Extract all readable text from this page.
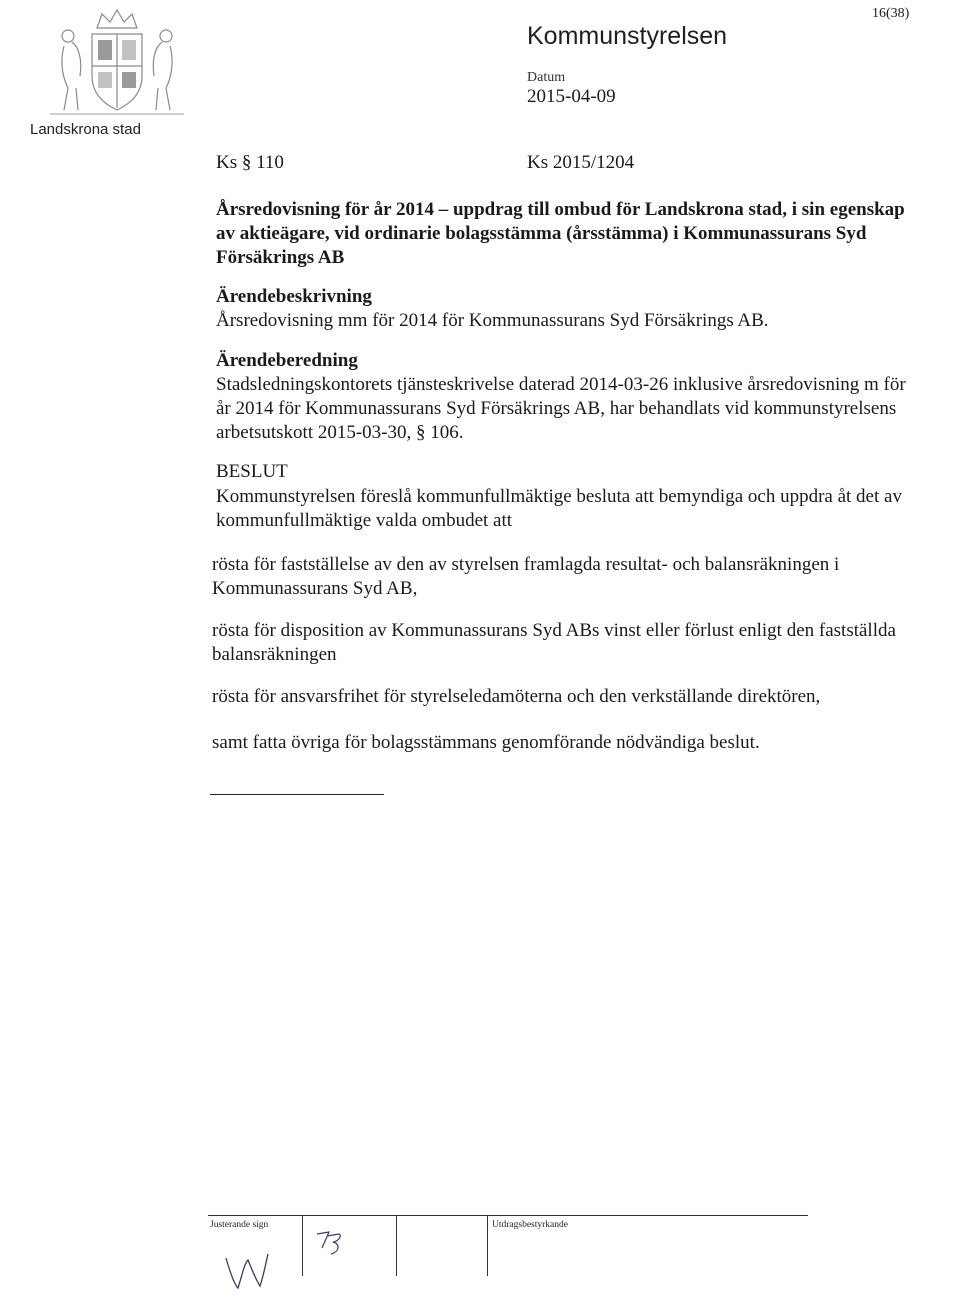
Landskrona stad
Kommunstyrelsen
Datum
2015-04-09
16(38)
Ks § 110	Ks 2015/1204
Årsredovisning för år 2014 – uppdrag till ombud för Landskrona stad, i sin egenskap av aktieägare, vid ordinarie bolagsstämma (årsstämma) i Kommunassurans Syd Försäkrings AB
Ärendebeskrivning
Årsredovisning mm för 2014 för Kommunassurans Syd Försäkrings AB.
Ärendeberedning
Stadsledningskontorets tjänsteskrivelse daterad 2014-03-26 inklusive årsredovisning m för år 2014 för Kommunassurans Syd Försäkrings AB, har behandlats vid kommunstyrelsens arbetsutskott 2015-03-30, § 106.
BESLUT
Kommunstyrelsen föreslå kommunfullmäktige besluta att bemyndiga och uppdra åt det av kommunfullmäktige valda ombudet att
rösta för fastställelse av den av styrelsen framlagda resultat- och balansräkningen i Kommunassurans Syd AB,
rösta för disposition av Kommunassurans Syd ABs vinst eller förlust enligt den fastställda balansräkningen
rösta för ansvarsfrihet för styrelseledamöterna och den verkställande direktören,
samt fatta övriga för bolagsstämmans genomförande nödvändiga beslut.
Justerande sign	Utdragsbestyrkande
